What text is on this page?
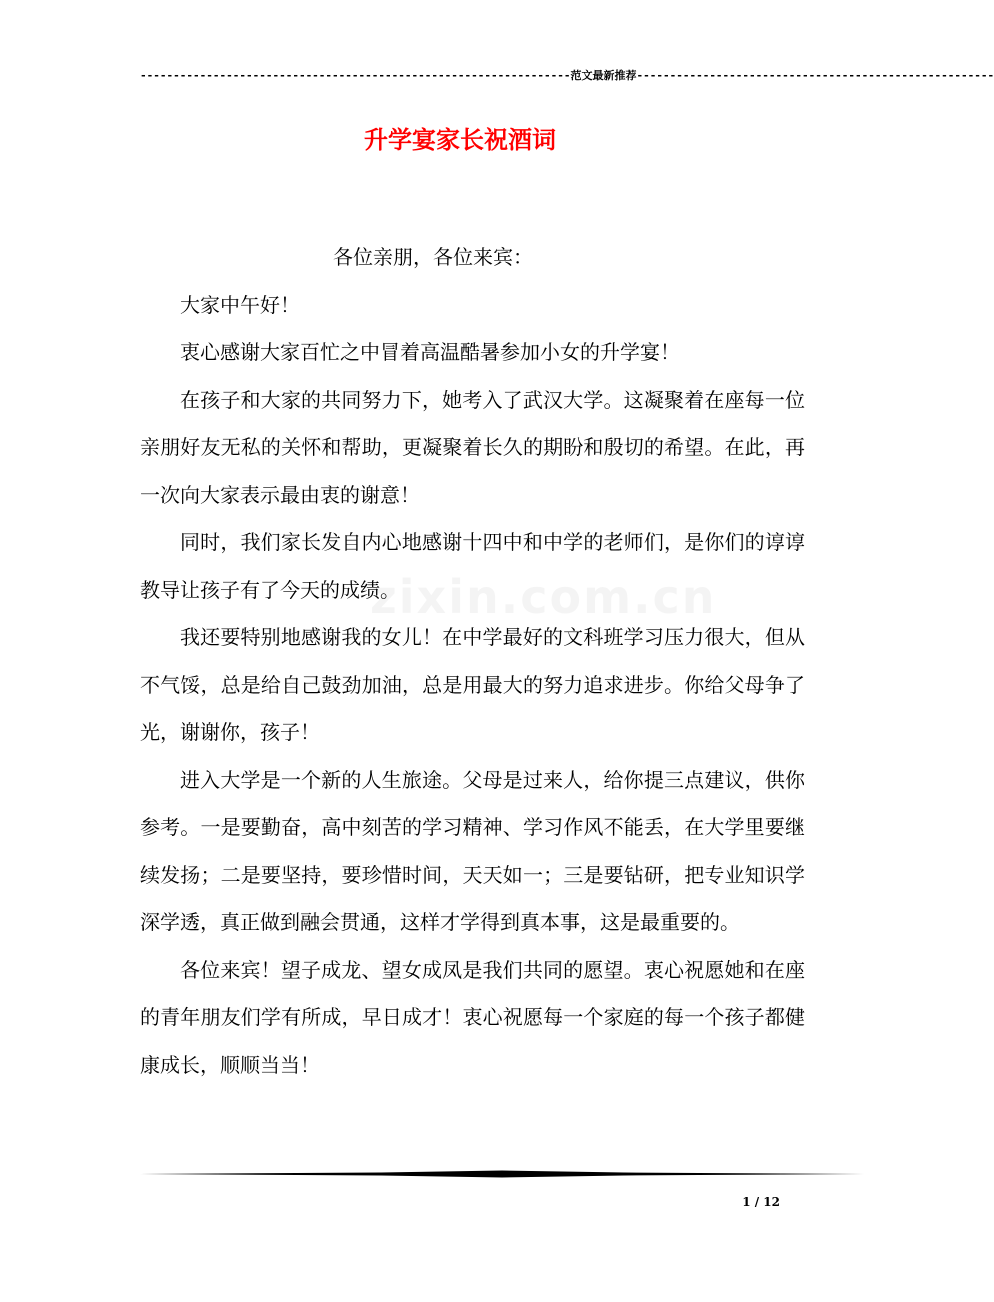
-----------------------------------------------------------------范文最新推荐------------------------------------------------------
升学宴家长祝酒词

各位亲朋，各位来宾：

大家中午好！

衷心感谢大家百忙之中冒着高温酷暑参加小女的升学宴！

在孩子和大家的共同努力下，她考入了武汉大学。这凝聚着在座每一位亲朋好友无私的关怀和帮助，更凝聚着长久的期盼和殷切的希望。在此，再一次向大家表示最由衷的谢意！

同时，我们家长发自内心地感谢十四中和中学的老师们，是你们的谆谆教导让孩子有了今天的成绩。

我还要特别地感谢我的女儿！在中学最好的文科班学习压力很大，但从不气馁，总是给自己鼓劲加油，总是用最大的努力追求进步。你给父母争了光，谢谢你，孩子！

进入大学是一个新的人生旅途。父母是过来人，给你提三点建议，供你参考。一是要勤奋，高中刻苦的学习精神、学习作风不能丢，在大学里要继续发扬；二是要坚持，要珍惜时间，天天如一；三是要钻研，把专业知识学深学透，真正做到融会贯通，这样才学得到真本事，这是最重要的。

各位来宾！望子成龙、望女成凤是我们共同的愿望。衷心祝愿她和在座的青年朋友们学有所成，早日成才！衷心祝愿每一个家庭的每一个孩子都健康成长，顺顺当当！

1 / 12
